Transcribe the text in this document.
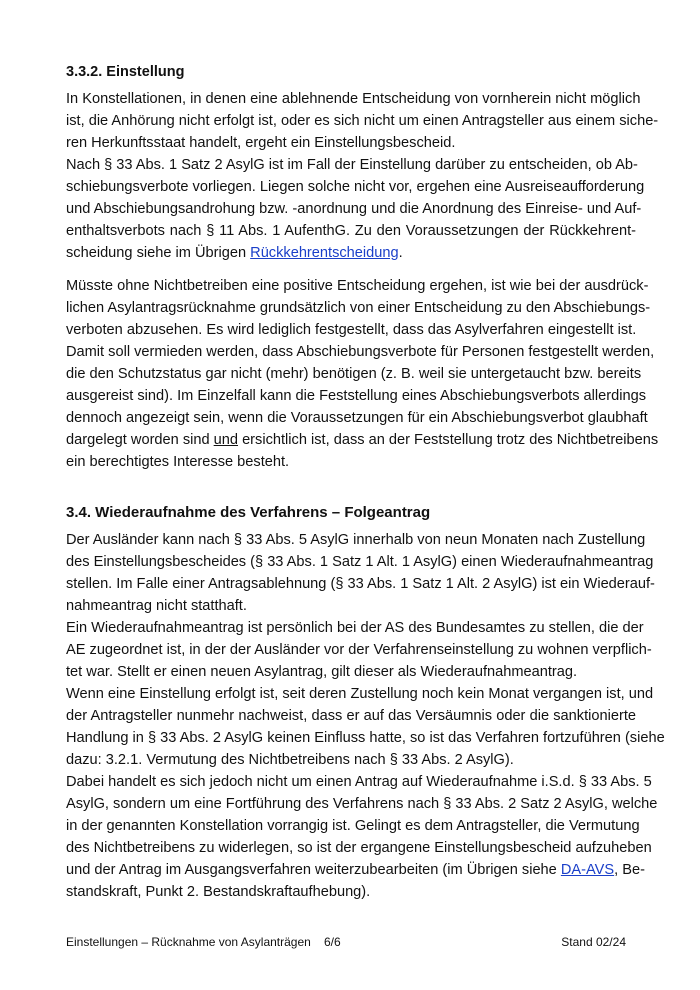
3.3.2. Einstellung
In Konstellationen, in denen eine ablehnende Entscheidung von vornherein nicht möglich
ist, die Anhörung nicht erfolgt ist, oder es sich nicht um einen Antragsteller aus einem siche-
ren Herkunftsstaat handelt, ergeht ein Einstellungsbescheid.
Nach § 33 Abs. 1 Satz 2 AsylG ist im Fall der Einstellung darüber zu entscheiden, ob Ab-
schiebungsverbote vorliegen. Liegen solche nicht vor, ergehen eine Ausreiseaufforderung
und Abschiebungsandrohung bzw. -anordnung und die Anordnung des Einreise- und Auf-
enthaltsverbots nach § 11 Abs. 1 AufenthG. Zu den Voraussetzungen der Rückkehrent-
scheidung siehe im Übrigen Rückkehrentscheidung.
Müsste ohne Nichtbetreiben eine positive Entscheidung ergehen, ist wie bei der ausdrück-
lichen Asylantragsrücknahme grundsätzlich von einer Entscheidung zu den Abschiebungs-
verboten abzusehen. Es wird lediglich festgestellt, dass das Asylverfahren eingestellt ist.
Damit soll vermieden werden, dass Abschiebungsverbote für Personen festgestellt werden,
die den Schutzstatus gar nicht (mehr) benötigen (z. B. weil sie untergetaucht bzw. bereits
ausgereist sind). Im Einzelfall kann die Feststellung eines Abschiebungsverbots allerdings
dennoch angezeigt sein, wenn die Voraussetzungen für ein Abschiebungsverbot glaubhaft
dargelegt worden sind und ersichtlich ist, dass an der Feststellung trotz des Nichtbetreibens
ein berechtigtes Interesse besteht.
3.4. Wiederaufnahme des Verfahrens – Folgeantrag
Der Ausländer kann nach § 33 Abs. 5 AsylG innerhalb von neun Monaten nach Zustellung
des Einstellungsbescheides (§ 33 Abs. 1 Satz 1 Alt. 1 AsylG) einen Wiederaufnahmeantrag
stellen. Im Falle einer Antragsablehnung (§ 33 Abs. 1 Satz 1 Alt. 2 AsylG) ist ein Wiederauf-
nahmeantrag nicht statthaft.
Ein Wiederaufnahmeantrag ist persönlich bei der AS des Bundesamtes zu stellen, die der
AE zugeordnet ist, in der der Ausländer vor der Verfahrenseinstellung zu wohnen verpflich-
tet war. Stellt er einen neuen Asylantrag, gilt dieser als Wiederaufnahmeantrag.
Wenn eine Einstellung erfolgt ist, seit deren Zustellung noch kein Monat vergangen ist, und
der Antragsteller nunmehr nachweist, dass er auf das Versäumnis oder die sanktionierte
Handlung in § 33 Abs. 2 AsylG keinen Einfluss hatte, so ist das Verfahren fortzuführen (siehe
dazu: 3.2.1. Vermutung des Nichtbetreibens nach § 33 Abs. 2 AsylG).
Dabei handelt es sich jedoch nicht um einen Antrag auf Wiederaufnahme i.S.d. § 33 Abs. 5
AsylG, sondern um eine Fortführung des Verfahrens nach § 33 Abs. 2 Satz 2 AsylG, welche
in der genannten Konstellation vorrangig ist. Gelingt es dem Antragsteller, die Vermutung
des Nichtbetreibens zu widerlegen, so ist der ergangene Einstellungsbescheid aufzuheben
und der Antrag im Ausgangsverfahren weiterzubearbeiten (im Übrigen siehe DA-AVS, Be-
standskraft, Punkt 2. Bestandskraftaufhebung).
Einstellungen – Rücknahme von Asylanträgen 6/6	Stand 02/24
